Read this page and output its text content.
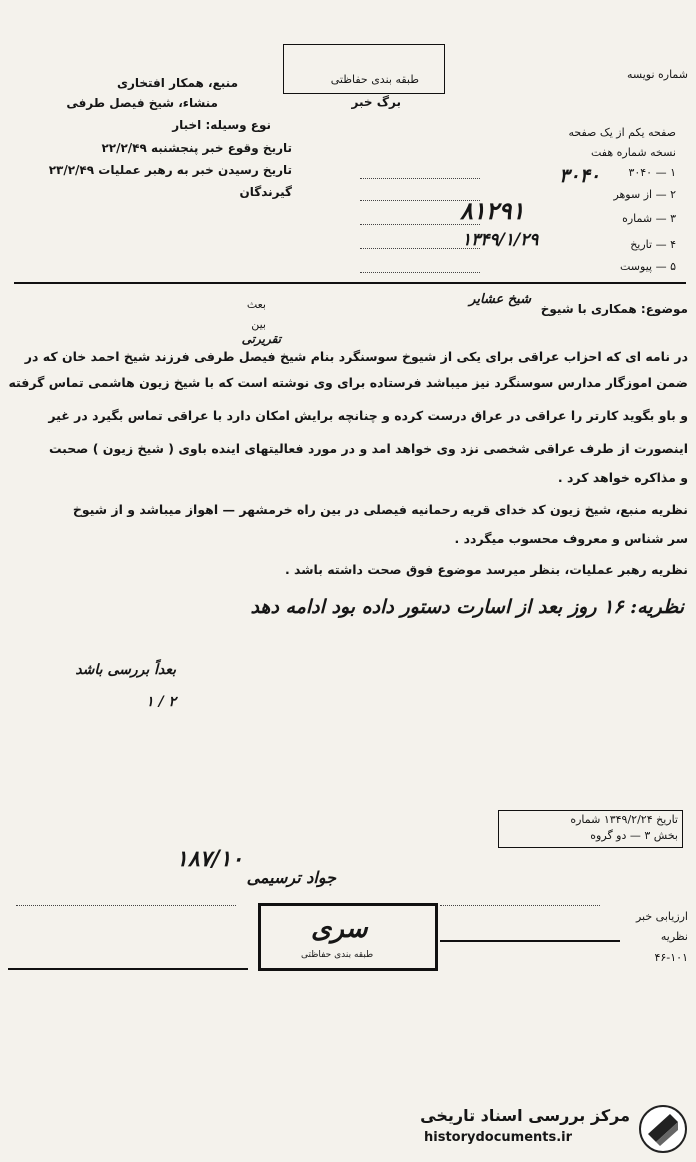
طبقه بندی حفاظتی
برگ خبر
شماره نویسه
منبع، همکار افتخاری
منشاء، شیخ فیصل طرفی
نوع وسیله: اخبار
تاریخ وقوع خبر پنجشنبه ۲۲/۲/۴۹
تاریخ رسیدن خبر به رهبر عملیات ۲۳/۲/۴۹
گیرندگان
صفحه یکم از یک صفحه
نسخه شماره هفت
۱ — ۳۰۴۰
۲ — از سوهر
۳ — شماره
۴ — تاریخ
۵ — پیوست
۳۰۴۰
۸۱۲۹۱
۱۳۴۹/۱/۲۹
موضوع: همکاری با شیوخ
شیخ عشایر
بعث
بین
تقریرتی
در نامه ای که احزاب عراقی برای یکی از شیوخ سوسنگرد بنام شیخ فیصل طرفی فرزند شیخ احمد خان که در
ضمن اموزگار مدارس سوسنگرد نیز میباشد فرستاده برای وی نوشته است که با شیخ زیون هاشمی تماس گرفته
و باو بگوید کارتر را عراقی در عراق درست کرده و چنانچه برایش امکان دارد با عراقی تماس بگیرد در غیر
اینصورت از طرف عراقی شخصی نزد وی خواهد امد و در مورد فعالیتهای اینده باوی ( شیخ زیون ) صحبت
و مذاکره خواهد کرد .
نظریه منبع، شیخ زیون کد خدای قریه رحمانیه فیصلی در بین راه خرمشهر — اهواز میباشد و از شیوخ
سر شناس و معروف محسوب میگردد .
نظریه رهبر عملیات، بنظر میرسد موضوع فوق صحت داشته باشد .
نظریه: ۱۶ روز بعد از اسارت دستور داده بود ادامه دهد
بعداً بررسی باشد
۲ / ۱
تاریخ ۱۳۴۹/۲/۲۴ شماره
بخش ۳ — دو گروه
۱۸۷/۱۰
جواد ترسیمی
سری
طبقه بندی حفاظتی
ارزیابی خبر
نظریه
۴۶-۱۰۱
مرکز بررسی اسناد تاریخی
historydocuments.ir
